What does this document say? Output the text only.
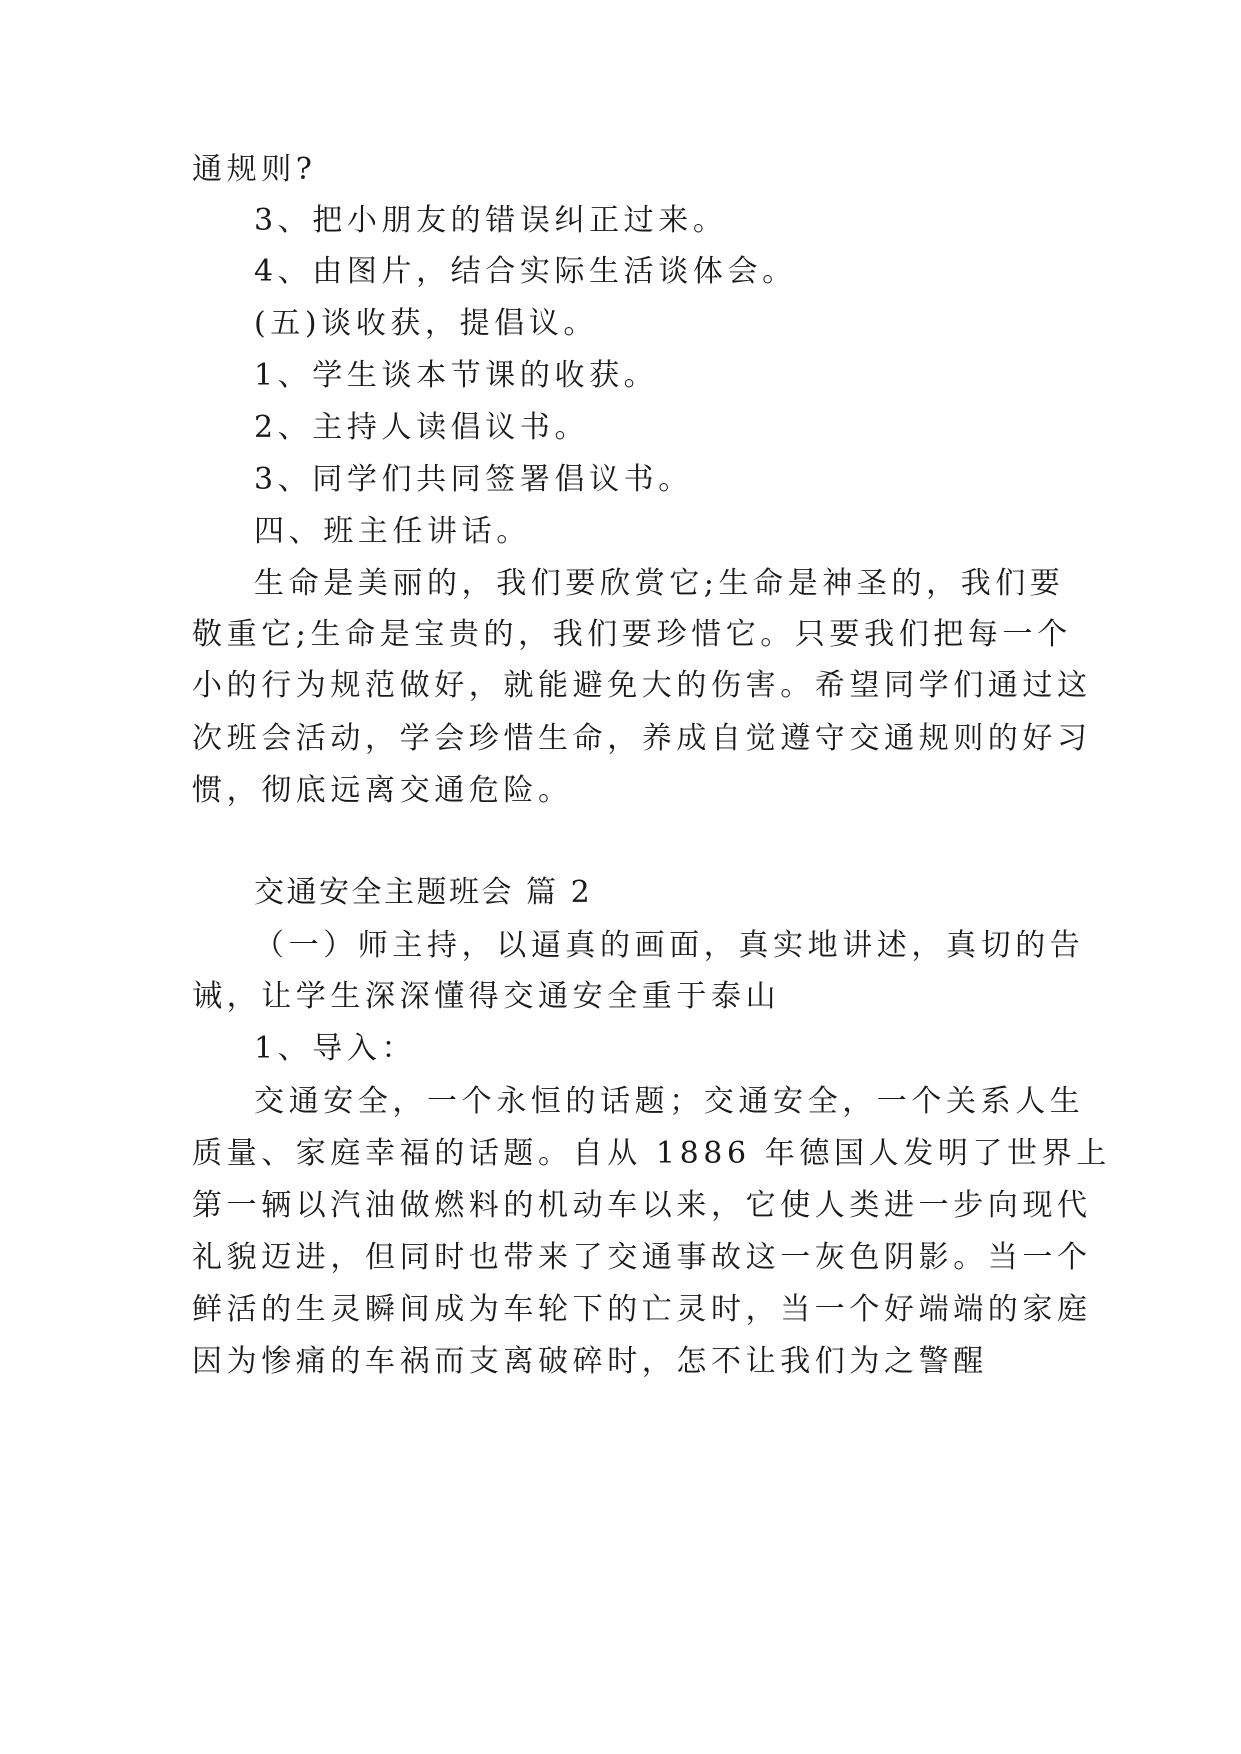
通规则?
3、把小朋友的错误纠正过来。
4、由图片，结合实际生活谈体会。
(五)谈收获，提倡议。
1、学生谈本节课的收获。
2、主持人读倡议书。
3、同学们共同签署倡议书。
四、班主任讲话。
生命是美丽的，我们要欣赏它;生命是神圣的，我们要
敬重它;生命是宝贵的，我们要珍惜它。只要我们把每一个
小的行为规范做好，就能避免大的伤害。希望同学们通过这
次班会活动，学会珍惜生命，养成自觉遵守交通规则的好习
惯，彻底远离交通危险。
交通安全主题班会 篇 2
（一）师主持，以逼真的画面，真实地讲述，真切的告
诫，让学生深深懂得交通安全重于泰山
1、导入：
交通安全，一个永恒的话题；交通安全，一个关系人生
质量、家庭幸福的话题。自从 1886 年德国人发明了世界上
第一辆以汽油做燃料的机动车以来，它使人类进一步向现代
礼貌迈进，但同时也带来了交通事故这一灰色阴影。当一个
鲜活的生灵瞬间成为车轮下的亡灵时，当一个好端端的家庭
因为惨痛的车祸而支离破碎时，怎不让我们为之警醒
